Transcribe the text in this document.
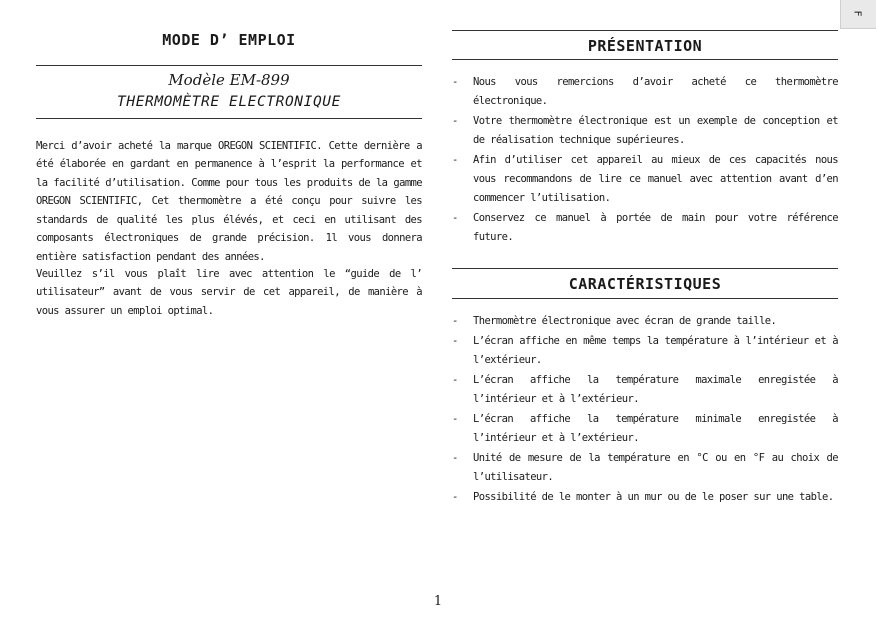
F
MODE D’ EMPLOI
Modèle EM-899
THERMOMÈTRE ELECTRONIQUE

Merci d’avoir acheté la marque OREGON SCIENTIFIC. Cette dernière a été élaborée en gardant en permanence à l’esprit la performance et la facilité d’utilisation. Comme pour tous les produits de la gamme OREGON SCIENTIFIC, Cet thermomètre a été conçu pour suivre les standards de qualité les plus élévés, et ceci en utilisant des composants électroniques de grande précision. 1l vous donnera entière satisfaction pendant des années.

Veuillez s’il vous plaît lire avec attention le “guide de l’ utilisateur” avant de vous servir de cet appareil, de manière à vous assurer un emploi optimal.

PRÉSENTATION
- Nous vous remercions d’avoir acheté ce thermomètre électronique.
- Votre thermomètre électronique est un exemple de conception et de réalisation technique supérieures.
- Afin d’utiliser cet appareil au mieux de ces capacités nous vous recommandons de lire ce manuel avec attention avant d’en commencer l’utilisation.
- Conservez ce manuel à portée de main pour votre référence future.
CARACTÉRISTIQUES
- Thermomètre électronique avec écran de grande taille.
- L’écran affiche en même temps la température à l’intérieur et à l’extérieur.
- L’écran affiche la température maximale enregistée à l’intérieur et à l’extérieur.
- L’écran affiche la température minimale enregistée à l’intérieur et à l’extérieur.
- Unité de mesure de la température en °C ou en °F au choix de l’utilisateur.
- Possibilité de le monter à un mur ou de le poser sur une table.
1
